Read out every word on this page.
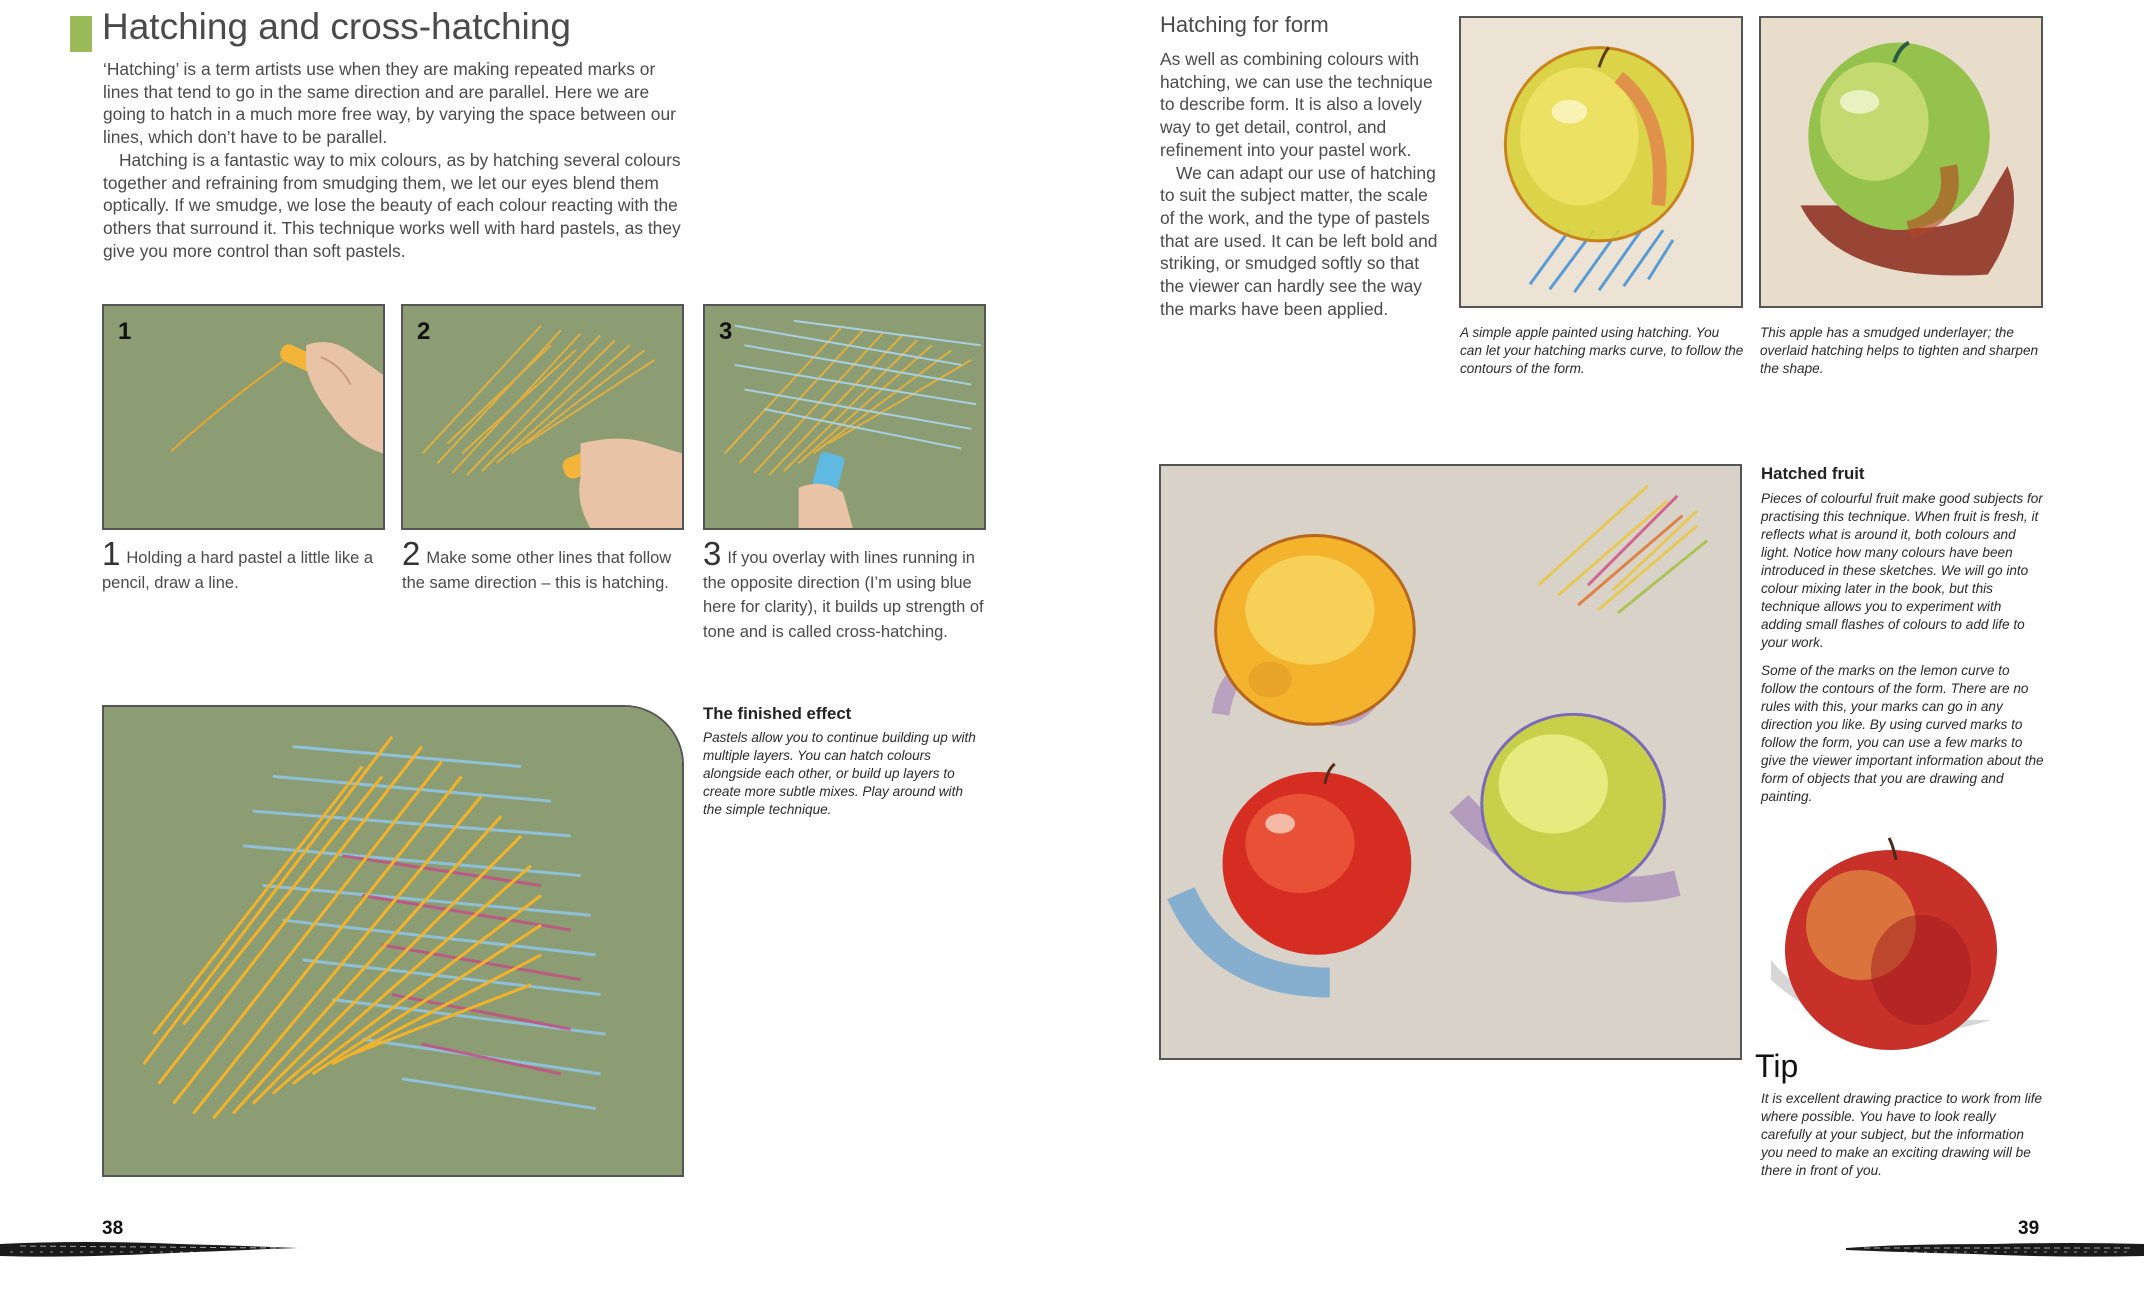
Hatching and cross-hatching

‘Hatching’ is a term artists use when they are making repeated marks or lines that tend to go in the same direction and are parallel. Here we are going to hatch in a much more free way, by varying the space between our lines, which don’t have to be parallel.

Hatching is a fantastic way to mix colours, as by hatching several colours together and refraining from smudging them, we let our eyes blend them optically. If we smudge, we lose the beauty of each colour reacting with the others that surround it. This technique works well with hard pastels, as they give you more control than soft pastels.

1	2	3
1 Holding a hard pastel a little like a pencil, draw a line.
2 Make some other lines that follow the same direction – this is hatching.
3 If you overlay with lines running in the opposite direction (I’m using blue here for clarity), it builds up strength of tone and is called cross-hatching.
The finished effect
Pastels allow you to continue building up with multiple layers. You can hatch colours alongside each other, or build up layers to create more subtle mixes. Play around with the simple technique.
38
Hatching for form

As well as combining colours with hatching, we can use the technique to describe form. It is also a lovely way to get detail, control, and refinement into your pastel work.

We can adapt our use of hatching to suit the subject matter, the scale of the work, and the type of pastels that are used. It can be left bold and striking, or smudged softly so that the viewer can hardly see the way the marks have been applied.

A simple apple painted using hatching. You can let your hatching marks curve, to follow the contours of the form.
This apple has a smudged underlayer; the overlaid hatching helps to tighten and sharpen the shape.
Hatched fruit
Pieces of colourful fruit make good subjects for practising this technique. When fruit is fresh, it reflects what is around it, both colours and light. Notice how many colours have been introduced in these sketches. We will go into colour mixing later in the book, but this technique allows you to experiment with adding small flashes of colours to add life to your work.
Some of the marks on the lemon curve to follow the contours of the form. There are no rules with this, your marks can go in any direction you like. By using curved marks to follow the form, you can use a few marks to give the viewer important information about the form of objects that you are drawing and painting.
Tip
It is excellent drawing practice to work from life where possible. You have to look really carefully at your subject, but the information you need to make an exciting drawing will be there in front of you.
39
